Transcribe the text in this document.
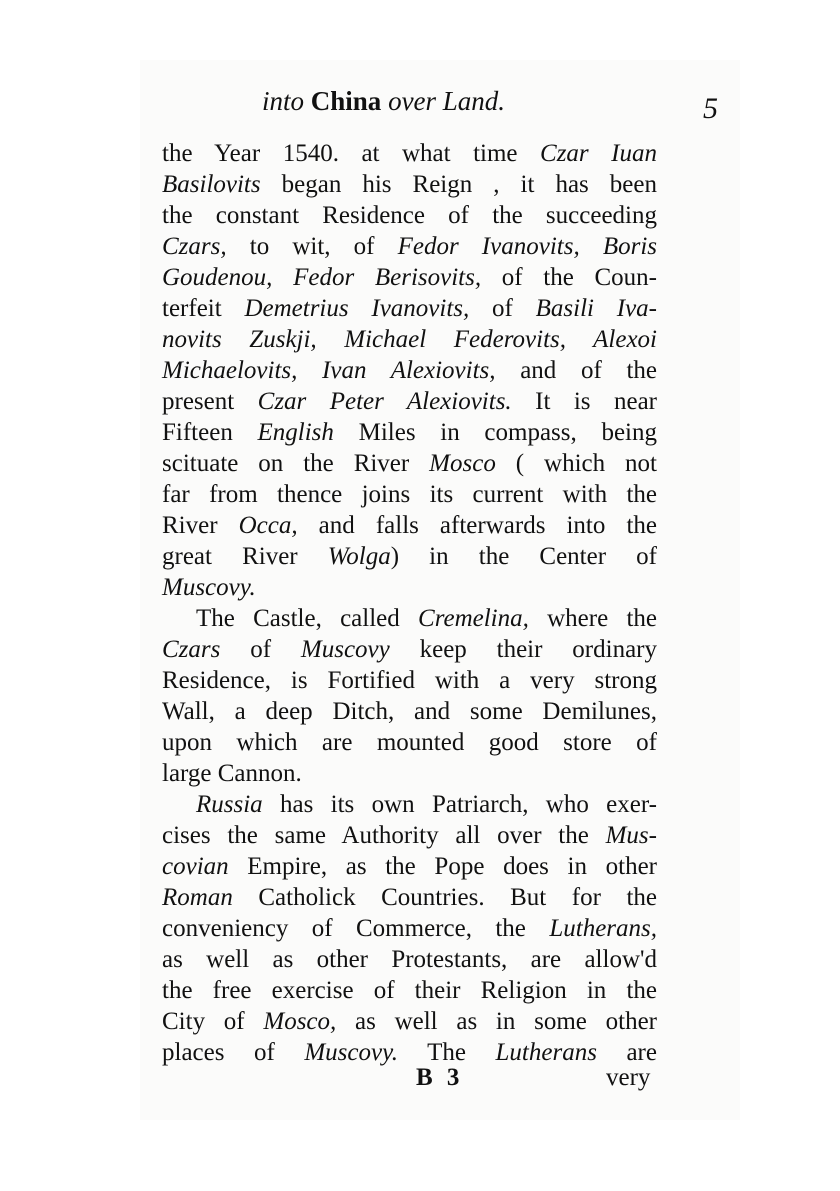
into China over Land.	5
the Year 1540. at what time Czar Iuan
Basilovits began his Reign , it has been
the constant Residence of the succeeding
Czars, to wit, of Fedor Ivanovits, Boris
Goudenou, Fedor Berisovits, of the Coun-
terfeit Demetrius Ivanovits, of Basili Iva-
novits Zuskji, Michael Federovits, Alexoi
Michaelovits, Ivan Alexiovits, and of the
present Czar Peter Alexiovits. It is near
Fifteen English Miles in compass, being
scituate on the River Mosco ( which not
far from thence joins its current with the
River Occa, and falls afterwards into the
great River Wolga) in the Center of
Muscovy.
The Castle, called Cremelina, where the
Czars of Muscovy keep their ordinary
Residence, is Fortified with a very strong
Wall, a deep Ditch, and some Demilunes,
upon which are mounted good store of
large Cannon.
Russia has its own Patriarch, who exer-
cises the same Authority all over the Mus-
covian Empire, as the Pope does in other
Roman Catholick Countries. But for the
conveniency of Commerce, the Lutherans,
as well as other Protestants, are allow'd
the free exercise of their Religion in the
City of Mosco, as well as in some other
places of Muscovy. The Lutherans are
B 3	very
